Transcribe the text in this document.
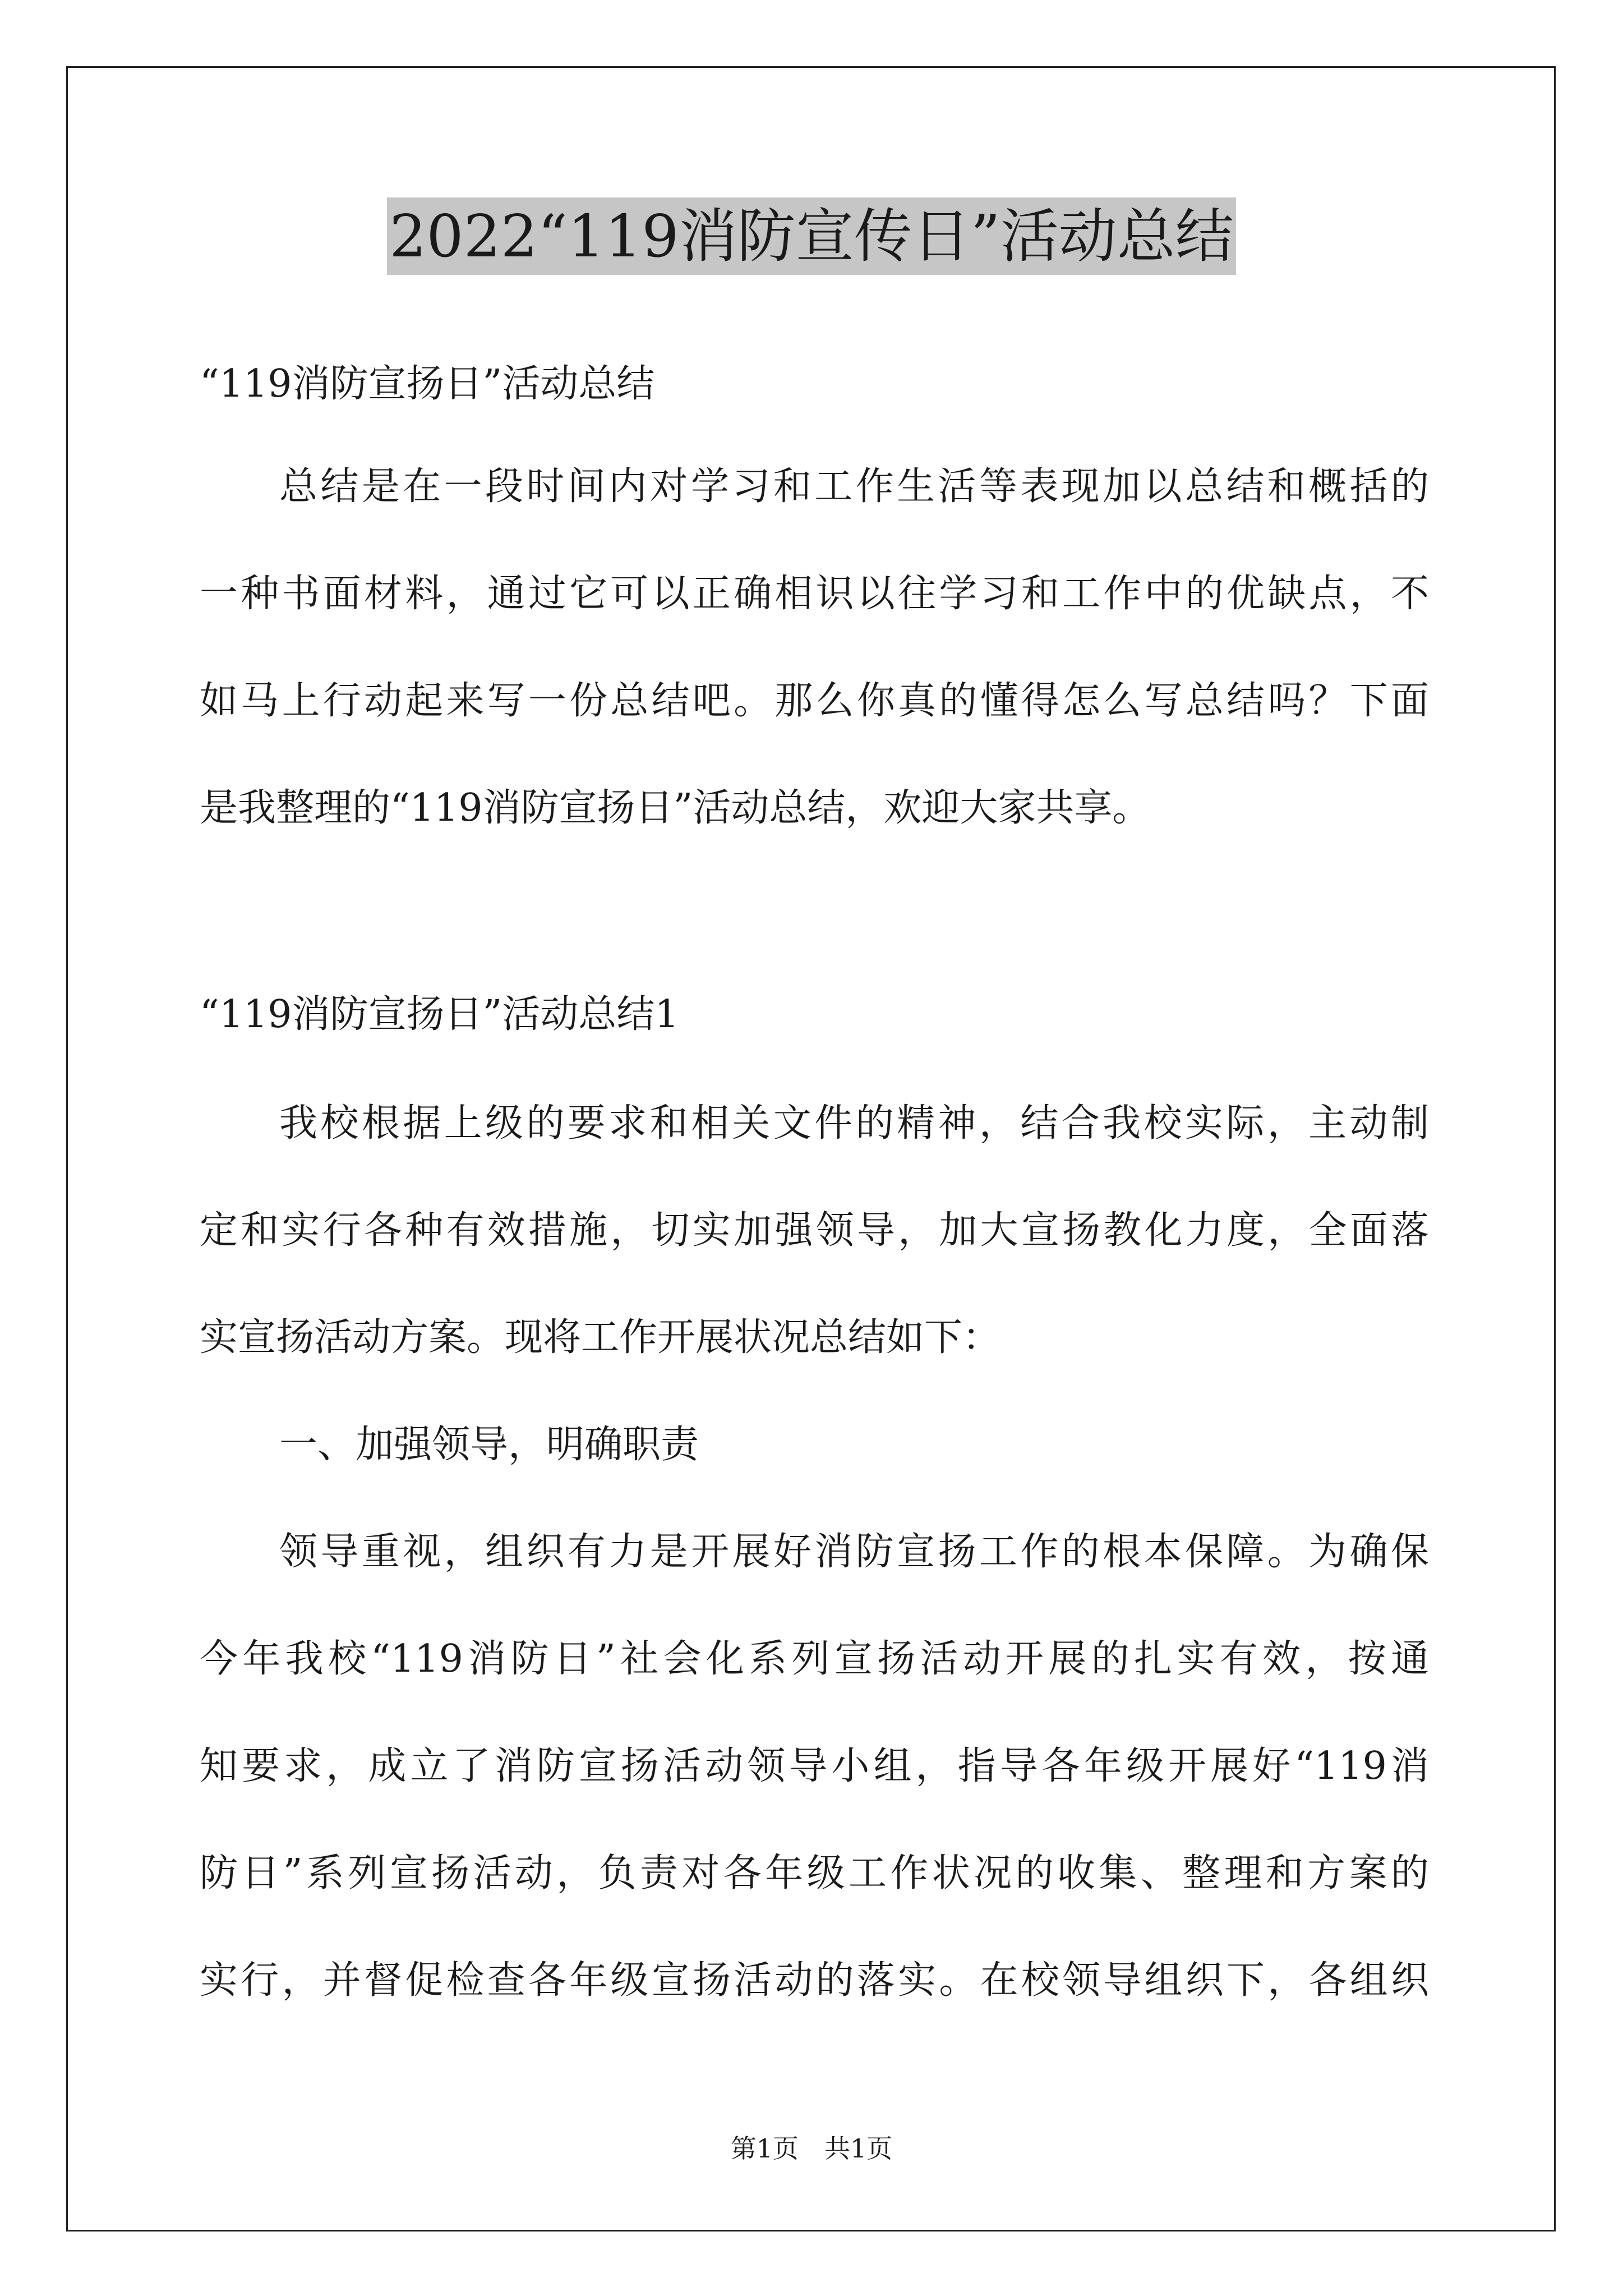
2022“119消防宣传日”活动总结

“119消防宣扬日”活动总结

总结是在一段时间内对学习和工作生活等表现加以总结和概括的

一种书面材料，通过它可以正确相识以往学习和工作中的优缺点，不

如马上行动起来写一份总结吧。那么你真的懂得怎么写总结吗？下面

是我整理的“119消防宣扬日”活动总结，欢迎大家共享。

“119消防宣扬日”活动总结1

我校根据上级的要求和相关文件的精神，结合我校实际，主动制

定和实行各种有效措施，切实加强领导，加大宣扬教化力度，全面落

实宣扬活动方案。现将工作开展状况总结如下：

一、加强领导，明确职责

领导重视，组织有力是开展好消防宣扬工作的根本保障。为确保

今年我校“119消防日”社会化系列宣扬活动开展的扎实有效，按通

知要求，成立了消防宣扬活动领导小组，指导各年级开展好“119消

防日”系列宣扬活动，负责对各年级工作状况的收集、整理和方案的

实行，并督促检查各年级宣扬活动的落实。在校领导组织下，各组织

第1页　共1页
